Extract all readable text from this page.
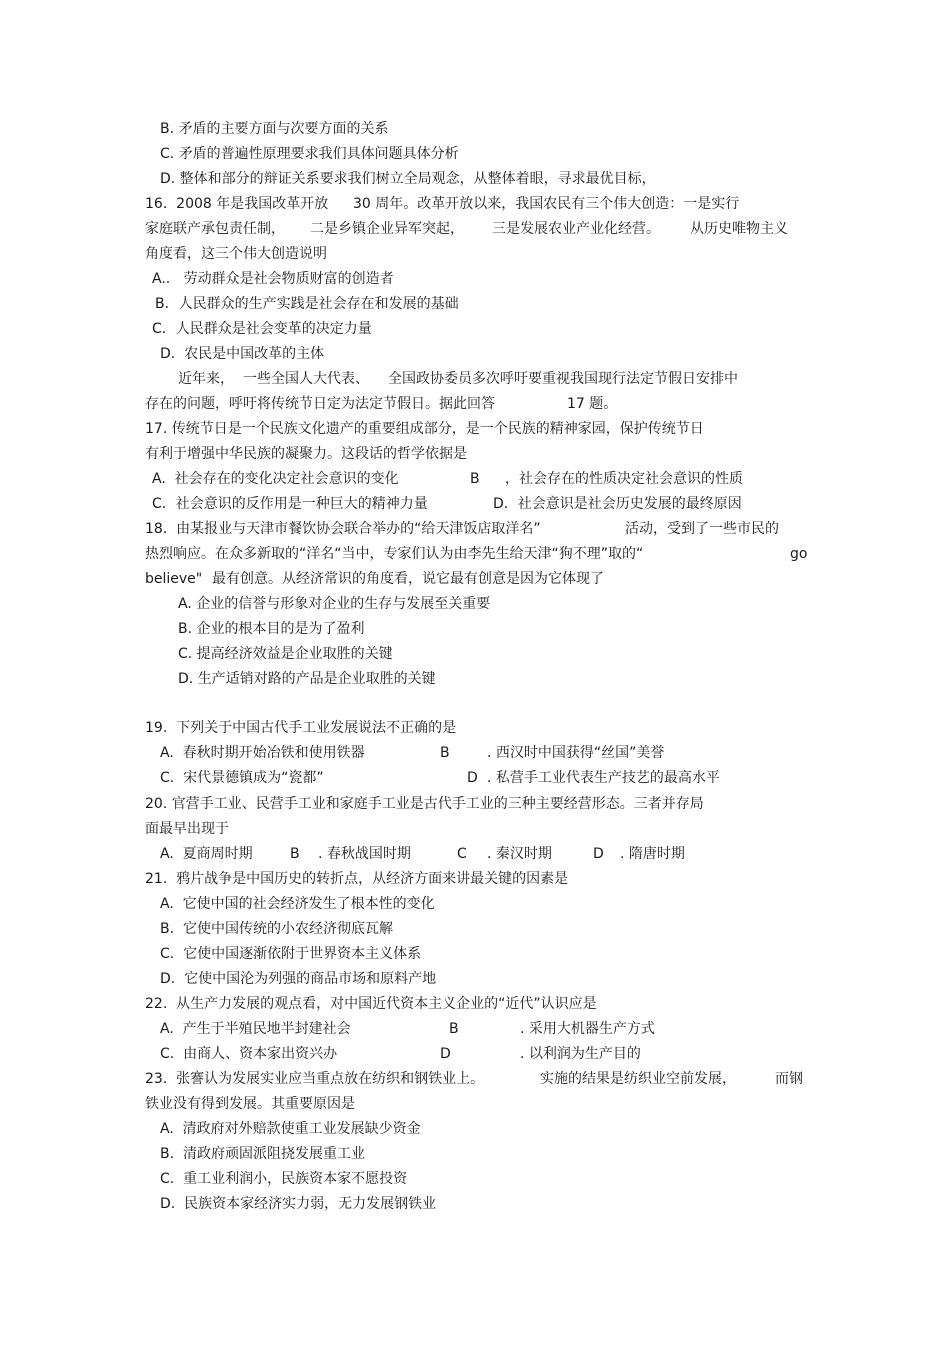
B. 矛盾的主要方面与次要方面的关系
C. 矛盾的普遍性原理要求我们具体问题具体分析
D. 整体和部分的辩证关系要求我们树立全局观念，从整体着眼，寻求最优目标，

16.  2008 年是我国改革开放

30 周年。改革开放以来，我国农民有三个伟大创造：一是实行

家庭联产承包责任制，

二是乡镇企业异军突起，

三是发展农业产业化经营。

从历史唯物主义

角度看，这三个伟大创造说明
A..   劳动群众是社会物质财富的创造者
B．人民群众的生产实践是社会存在和发展的基础
C．人民群众是社会变革的决定力量
D.  农民是中国改革的主体

近年来，

一些全国人大代表、

全国政协委员多次呼吁要重视我国现行法定节假日安排中

存在的问题，呼吁将传统节日定为法定节假日。据此回答

	17 题。

17. 传统节日是一个民族文化遗产的重要组成部分，是一个民族的精神家园，保护传统节日
有利于增强中华民族的凝聚力。这段话的哲学依据是

A.  社会存在的变化决定社会意识的变化

	B

，社会存在的性质决定社会意识的性质

C．社会意识的反作用是一种巨大的精神力量

	D．社会意识是社会历史发展的最终原因

18.  由某报业与天津市餐饮协会联合举办的“给天津饭店取洋名”

	活动，受到了一些市民的

热烈响应。在众多新取的“洋名“当中，专家们认为由李先生给天津“狗不理”取的“

	go

believe"

最有创意。从经济常识的角度看，说它最有创意是因为它体现了

A. 企业的信誉与形象对企业的生存与发展至关重要
B. 企业的根本目的是为了盈利
C. 提高经济效益是企业取胜的关键
D. 生产适销对路的产品是企业取胜的关键
19.  下列关于中国古代手工业发展说法不正确的是

A.  春秋时期开始冶铁和使用铁器

	B

	. 西汉时中国获得“丝国”美誉

C.  宋代景德镇成为“瓷都”

	D

. 私营手工业代表生产技艺的最高水平

20. 官营手工业、民营手工业和家庭手工业是古代手工业的三种主要经营形态。三者并存局
面最早出现于

A.  夏商周时期

	B

. 春秋战国时期

	C

. 秦汉时期

	D

. 隋唐时期

21.  鸦片战争是中国历史的转折点，从经济方面来讲最关键的因素是
A.  它使中国的社会经济发生了根本性的变化
B.  它使中国传统的小农经济彻底瓦解
C.  它使中国逐渐依附于世界资本主义体系
D.  它使中国沦为列强的商品市场和原料产地
22.  从生产力发展的观点看，对中国近代资本主义企业的“近代”认识应是

A.  产生于半殖民地半封建社会

	B

	. 采用大机器生产方式

C.  由商人、资本家出资兴办

	D

	. 以利润为生产目的

23.  张謇认为发展实业应当重点放在纺织和钢铁业上。

	实施的结果是纺织业空前发展，

	而钢

铁业没有得到发展。其重要原因是
A.  清政府对外赔款使重工业发展缺少资金
B.  清政府顽固派阻挠发展重工业
C.  重工业利润小，民族资本家不愿投资
D.  民族资本家经济实力弱，无力发展钢铁业
